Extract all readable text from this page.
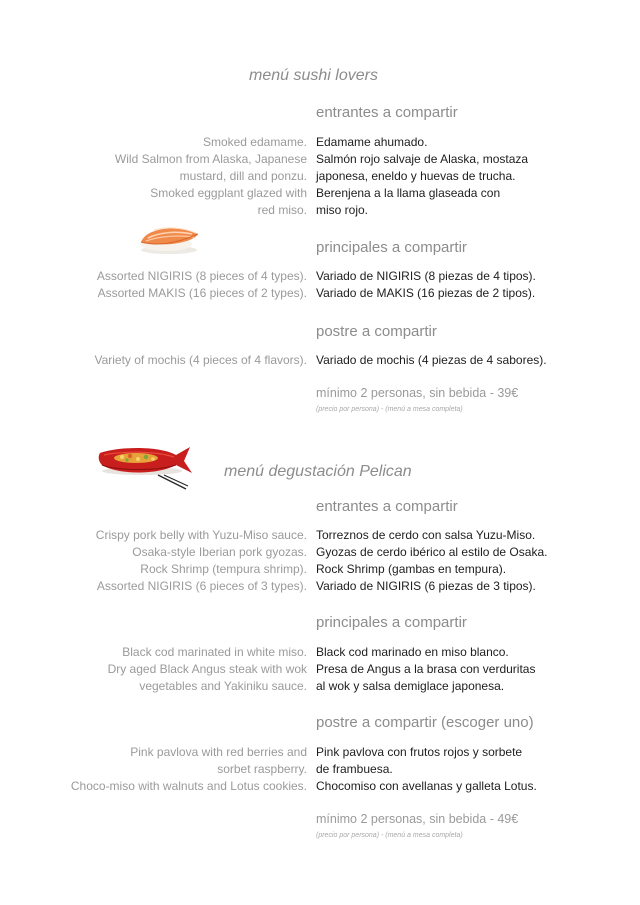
menú sushi lovers
entrantes a compartir
Smoked edamame.
Wild Salmon from Alaska, Japanese
mustard, dill and ponzu.
Smoked eggplant glazed with
red miso.
Edamame ahumado.
Salmón rojo salvaje de Alaska, mostaza
japonesa, eneldo y huevas de trucha.
Berenjena a la llama glaseada con
miso rojo.
principales a compartir
Assorted NIGIRIS (8 pieces of 4 types).
Assorted MAKIS (16 pieces of 2 types).
Variado de NIGIRIS (8 piezas de 4 tipos).
Variado de MAKIS (16 piezas de 2 tipos).
postre a compartir
Variety of mochis (4 pieces of 4 flavors). Variado de mochis (4 piezas de 4 sabores).
mínimo 2 personas, sin bebida - 39€
(precio por persona) - (menú a mesa completa)
menú degustación Pelican
entrantes a compartir
Crispy pork belly with Yuzu-Miso sauce.
Osaka-style Iberian pork gyozas.
Rock Shrimp (tempura shrimp).
Assorted NIGIRIS (6 pieces of 3 types).
Torreznos de cerdo con salsa Yuzu-Miso.
Gyozas de cerdo ibérico al estilo de Osaka.
Rock Shrimp (gambas en tempura).
Variado de NIGIRIS (6 piezas de 3 tipos).
principales a compartir
Black cod marinated in white miso.
Dry aged Black Angus steak with wok
vegetables and Yakiniku sauce.
Black cod marinado en miso blanco.
Presa de Angus a la brasa con verduritas
al wok y salsa demiglace japonesa.
postre a compartir (escoger uno)
Pink pavlova with red berries and
sorbet raspberry.
Choco-miso with walnuts and Lotus cookies.
Pink pavlova con frutos rojos y sorbete
de frambuesa.
Chocomiso con avellanas y galleta Lotus.
mínimo 2 personas, sin bebida - 49€
(precio por persona) - (menú a mesa completa)
